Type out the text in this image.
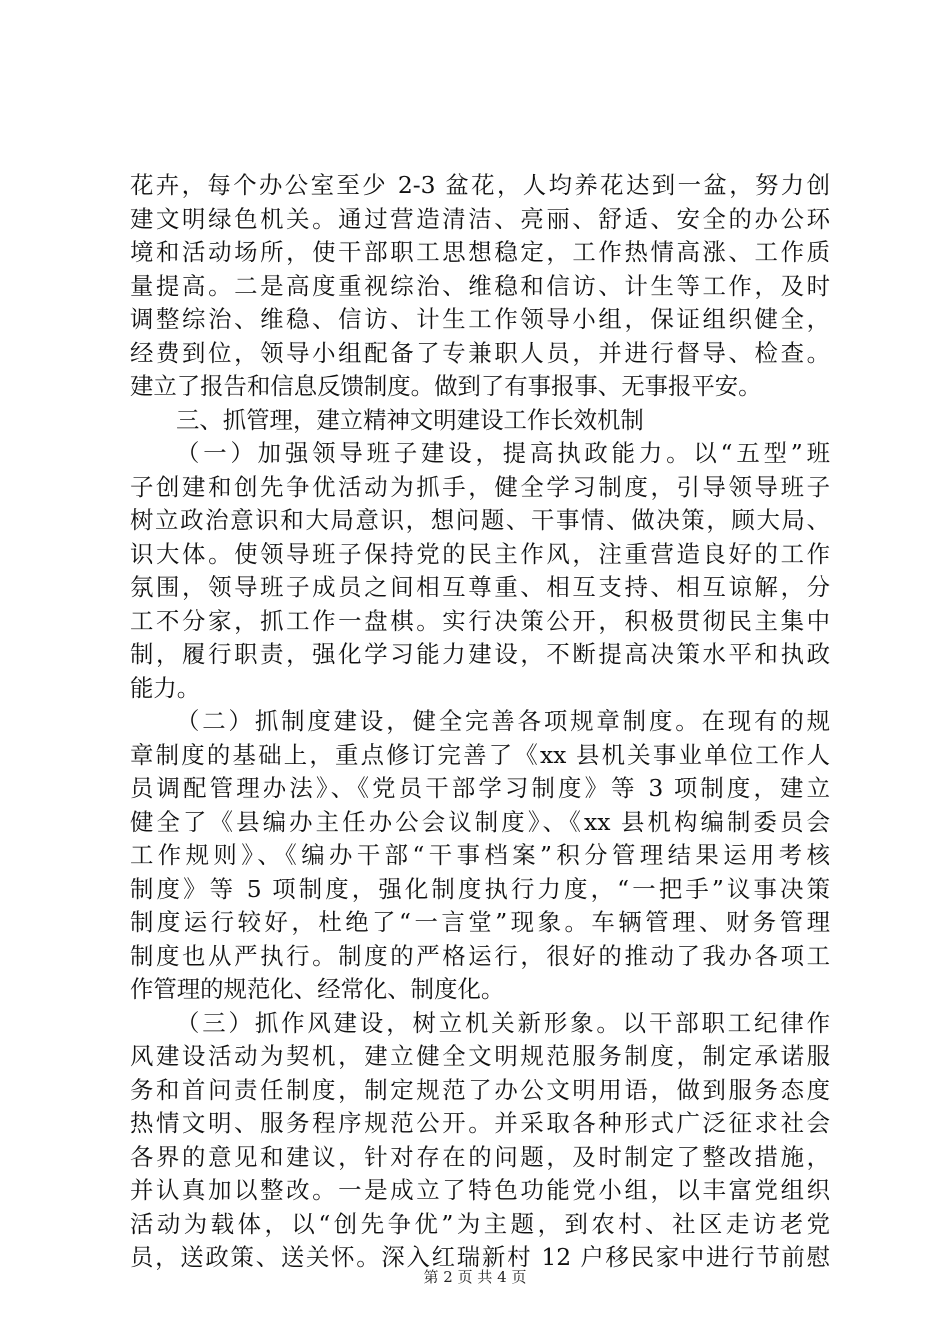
花卉，每个办公室至少 2-3 盆花，人均养花达到一盆，努力创
建文明绿色机关。通过营造清洁、亮丽、舒适、安全的办公环
境和活动场所，使干部职工思想稳定，工作热情高涨、工作质
量提高。二是高度重视综治、维稳和信访、计生等工作，及时
调整综治、维稳、信访、计生工作领导小组，保证组织健全，
经费到位，领导小组配备了专兼职人员，并进行督导、检查。
建立了报告和信息反馈制度。做到了有事报事、无事报平安。
三、抓管理，建立精神文明建设工作长效机制
（一）加强领导班子建设，提高执政能力。以“五型”班
子创建和创先争优活动为抓手，健全学习制度，引导领导班子
树立政治意识和大局意识，想问题、干事情、做决策，顾大局、
识大体。使领导班子保持党的民主作风，注重营造良好的工作
氛围，领导班子成员之间相互尊重、相互支持、相互谅解，分
工不分家，抓工作一盘棋。实行决策公开，积极贯彻民主集中
制，履行职责，强化学习能力建设，不断提高决策水平和执政
能力。
（二）抓制度建设，健全完善各项规章制度。在现有的规
章制度的基础上，重点修订完善了《xx 县机关事业单位工作人
员调配管理办法》、《党员干部学习制度》等 3 项制度，建立
健全了《县编办主任办公会议制度》、《xx 县机构编制委员会
工作规则》、《编办干部“干事档案”积分管理结果运用考核
制度》等 5 项制度，强化制度执行力度，“一把手”议事决策
制度运行较好，杜绝了“一言堂”现象。车辆管理、财务管理
制度也从严执行。制度的严格运行，很好的推动了我办各项工
作管理的规范化、经常化、制度化。
（三）抓作风建设，树立机关新形象。以干部职工纪律作
风建设活动为契机，建立健全文明规范服务制度，制定承诺服
务和首问责任制度，制定规范了办公文明用语，做到服务态度
热情文明、服务程序规范公开。并采取各种形式广泛征求社会
各界的意见和建议，针对存在的问题，及时制定了整改措施，
并认真加以整改。一是成立了特色功能党小组，以丰富党组织
活动为载体，以“创先争优”为主题，到农村、社区走访老党
员，送政策、送关怀。深入红瑞新村 12 户移民家中进行节前慰
第 2 页 共 4 页
